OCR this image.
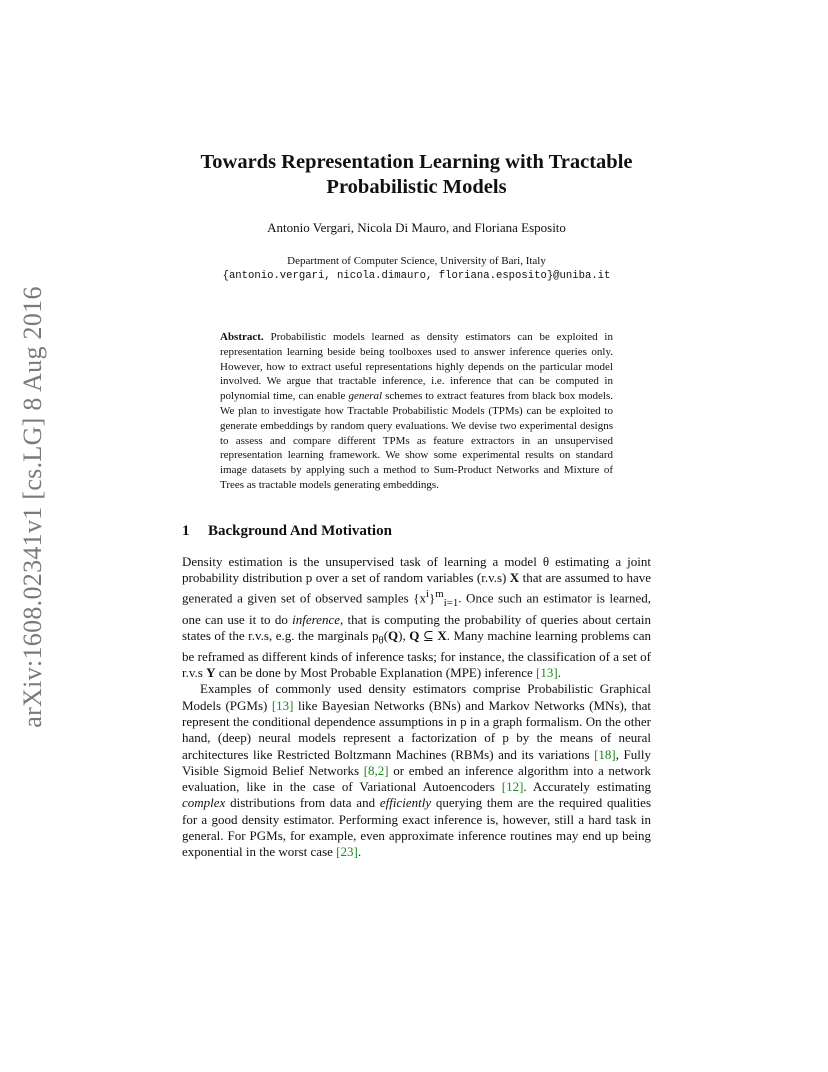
arXiv:1608.02341v1 [cs.LG] 8 Aug 2016
Towards Representation Learning with Tractable
Probabilistic Models
Antonio Vergari, Nicola Di Mauro, and Floriana Esposito
Department of Computer Science, University of Bari, Italy
{antonio.vergari, nicola.dimauro, floriana.esposito}@uniba.it
Abstract. Probabilistic models learned as density estimators can be exploited in representation learning beside being toolboxes used to answer inference queries only. However, how to extract useful representations highly depends on the particular model involved. We argue that tractable inference, i.e. inference that can be computed in polynomial time, can enable general schemes to extract features from black box models. We plan to investigate how Tractable Probabilistic Models (TPMs) can be exploited to generate embeddings by random query evaluations. We devise two experimental designs to assess and compare different TPMs as feature extractors in an unsupervised representation learning framework. We show some experimental results on standard image datasets by applying such a method to Sum-Product Networks and Mixture of Trees as tractable models generating embeddings.
1 Background And Motivation

Density estimation is the unsupervised task of learning a model θ estimating a joint probability distribution p over a set of random variables (r.v.s) X that are assumed to have generated a given set of observed samples $\{x^i\}^m_{i=1}$. Once such an estimator is learned, one can use it to do inference, that is computing the probability of queries about certain states of the r.v.s, e.g. the marginals $p_\theta(Q)$, Q ⊆ X. Many machine learning problems can be reframed as different kinds of inference tasks; for instance, the classification of a set of r.v.s Y can be done by Most Probable Explanation (MPE) inference [13].

Examples of commonly used density estimators comprise Probabilistic Graphical Models (PGMs) [13] like Bayesian Networks (BNs) and Markov Networks (MNs), that represent the conditional dependence assumptions in p in a graph formalism. On the other hand, (deep) neural models represent a factorization of p by the means of neural architectures like Restricted Boltzmann Machines (RBMs) and its variations [18], Fully Visible Sigmoid Belief Networks [8,2] or embed an inference algorithm into a network evaluation, like in the case of Variational Autoencoders [12]. Accurately estimating complex distributions from data and efficiently querying them are the required qualities for a good density estimator. Performing exact inference is, however, still a hard task in general. For PGMs, for example, even approximate inference routines may end up being exponential in the worst case [23].
